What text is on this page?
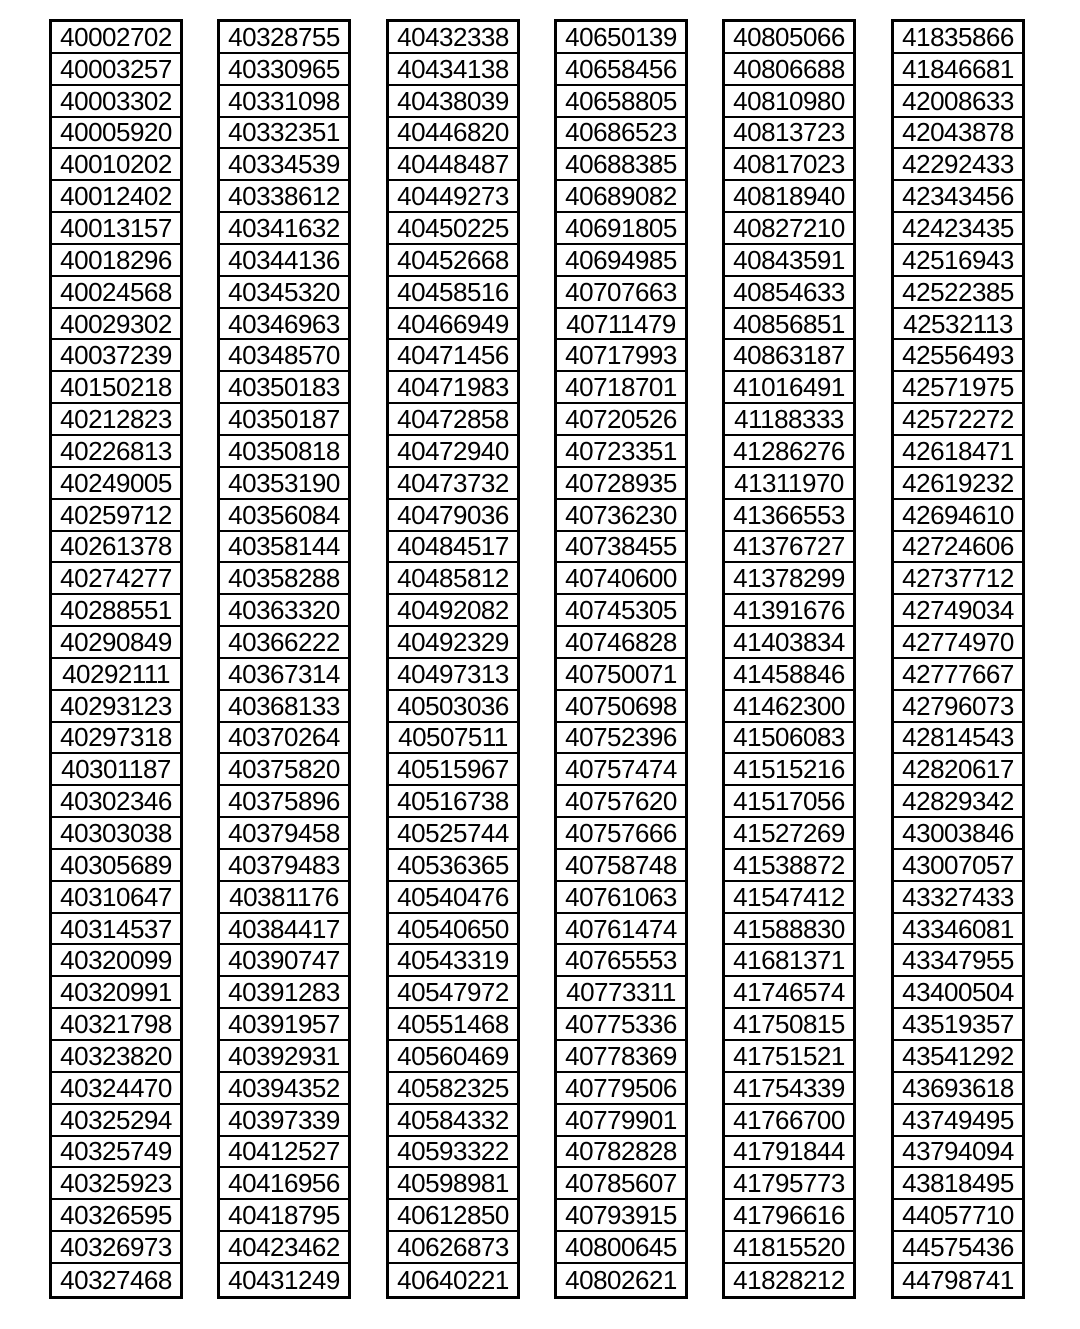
40002702
40003257
40003302
40005920
40010202
40012402
40013157
40018296
40024568
40029302
40037239
40150218
40212823
40226813
40249005
40259712
40261378
40274277
40288551
40290849
40292111
40293123
40297318
40301187
40302346
40303038
40305689
40310647
40314537
40320099
40320991
40321798
40323820
40324470
40325294
40325749
40325923
40326595
40326973
40327468
40328755
40330965
40331098
40332351
40334539
40338612
40341632
40344136
40345320
40346963
40348570
40350183
40350187
40350818
40353190
40356084
40358144
40358288
40363320
40366222
40367314
40368133
40370264
40375820
40375896
40379458
40379483
40381176
40384417
40390747
40391283
40391957
40392931
40394352
40397339
40412527
40416956
40418795
40423462
40431249
40432338
40434138
40438039
40446820
40448487
40449273
40450225
40452668
40458516
40466949
40471456
40471983
40472858
40472940
40473732
40479036
40484517
40485812
40492082
40492329
40497313
40503036
40507511
40515967
40516738
40525744
40536365
40540476
40540650
40543319
40547972
40551468
40560469
40582325
40584332
40593322
40598981
40612850
40626873
40640221
40650139
40658456
40658805
40686523
40688385
40689082
40691805
40694985
40707663
40711479
40717993
40718701
40720526
40723351
40728935
40736230
40738455
40740600
40745305
40746828
40750071
40750698
40752396
40757474
40757620
40757666
40758748
40761063
40761474
40765553
40773311
40775336
40778369
40779506
40779901
40782828
40785607
40793915
40800645
40802621
40805066
40806688
40810980
40813723
40817023
40818940
40827210
40843591
40854633
40856851
40863187
41016491
41188333
41286276
41311970
41366553
41376727
41378299
41391676
41403834
41458846
41462300
41506083
41515216
41517056
41527269
41538872
41547412
41588830
41681371
41746574
41750815
41751521
41754339
41766700
41791844
41795773
41796616
41815520
41828212
41835866
41846681
42008633
42043878
42292433
42343456
42423435
42516943
42522385
42532113
42556493
42571975
42572272
42618471
42619232
42694610
42724606
42737712
42749034
42774970
42777667
42796073
42814543
42820617
42829342
43003846
43007057
43327433
43346081
43347955
43400504
43519357
43541292
43693618
43749495
43794094
43818495
44057710
44575436
44798741
